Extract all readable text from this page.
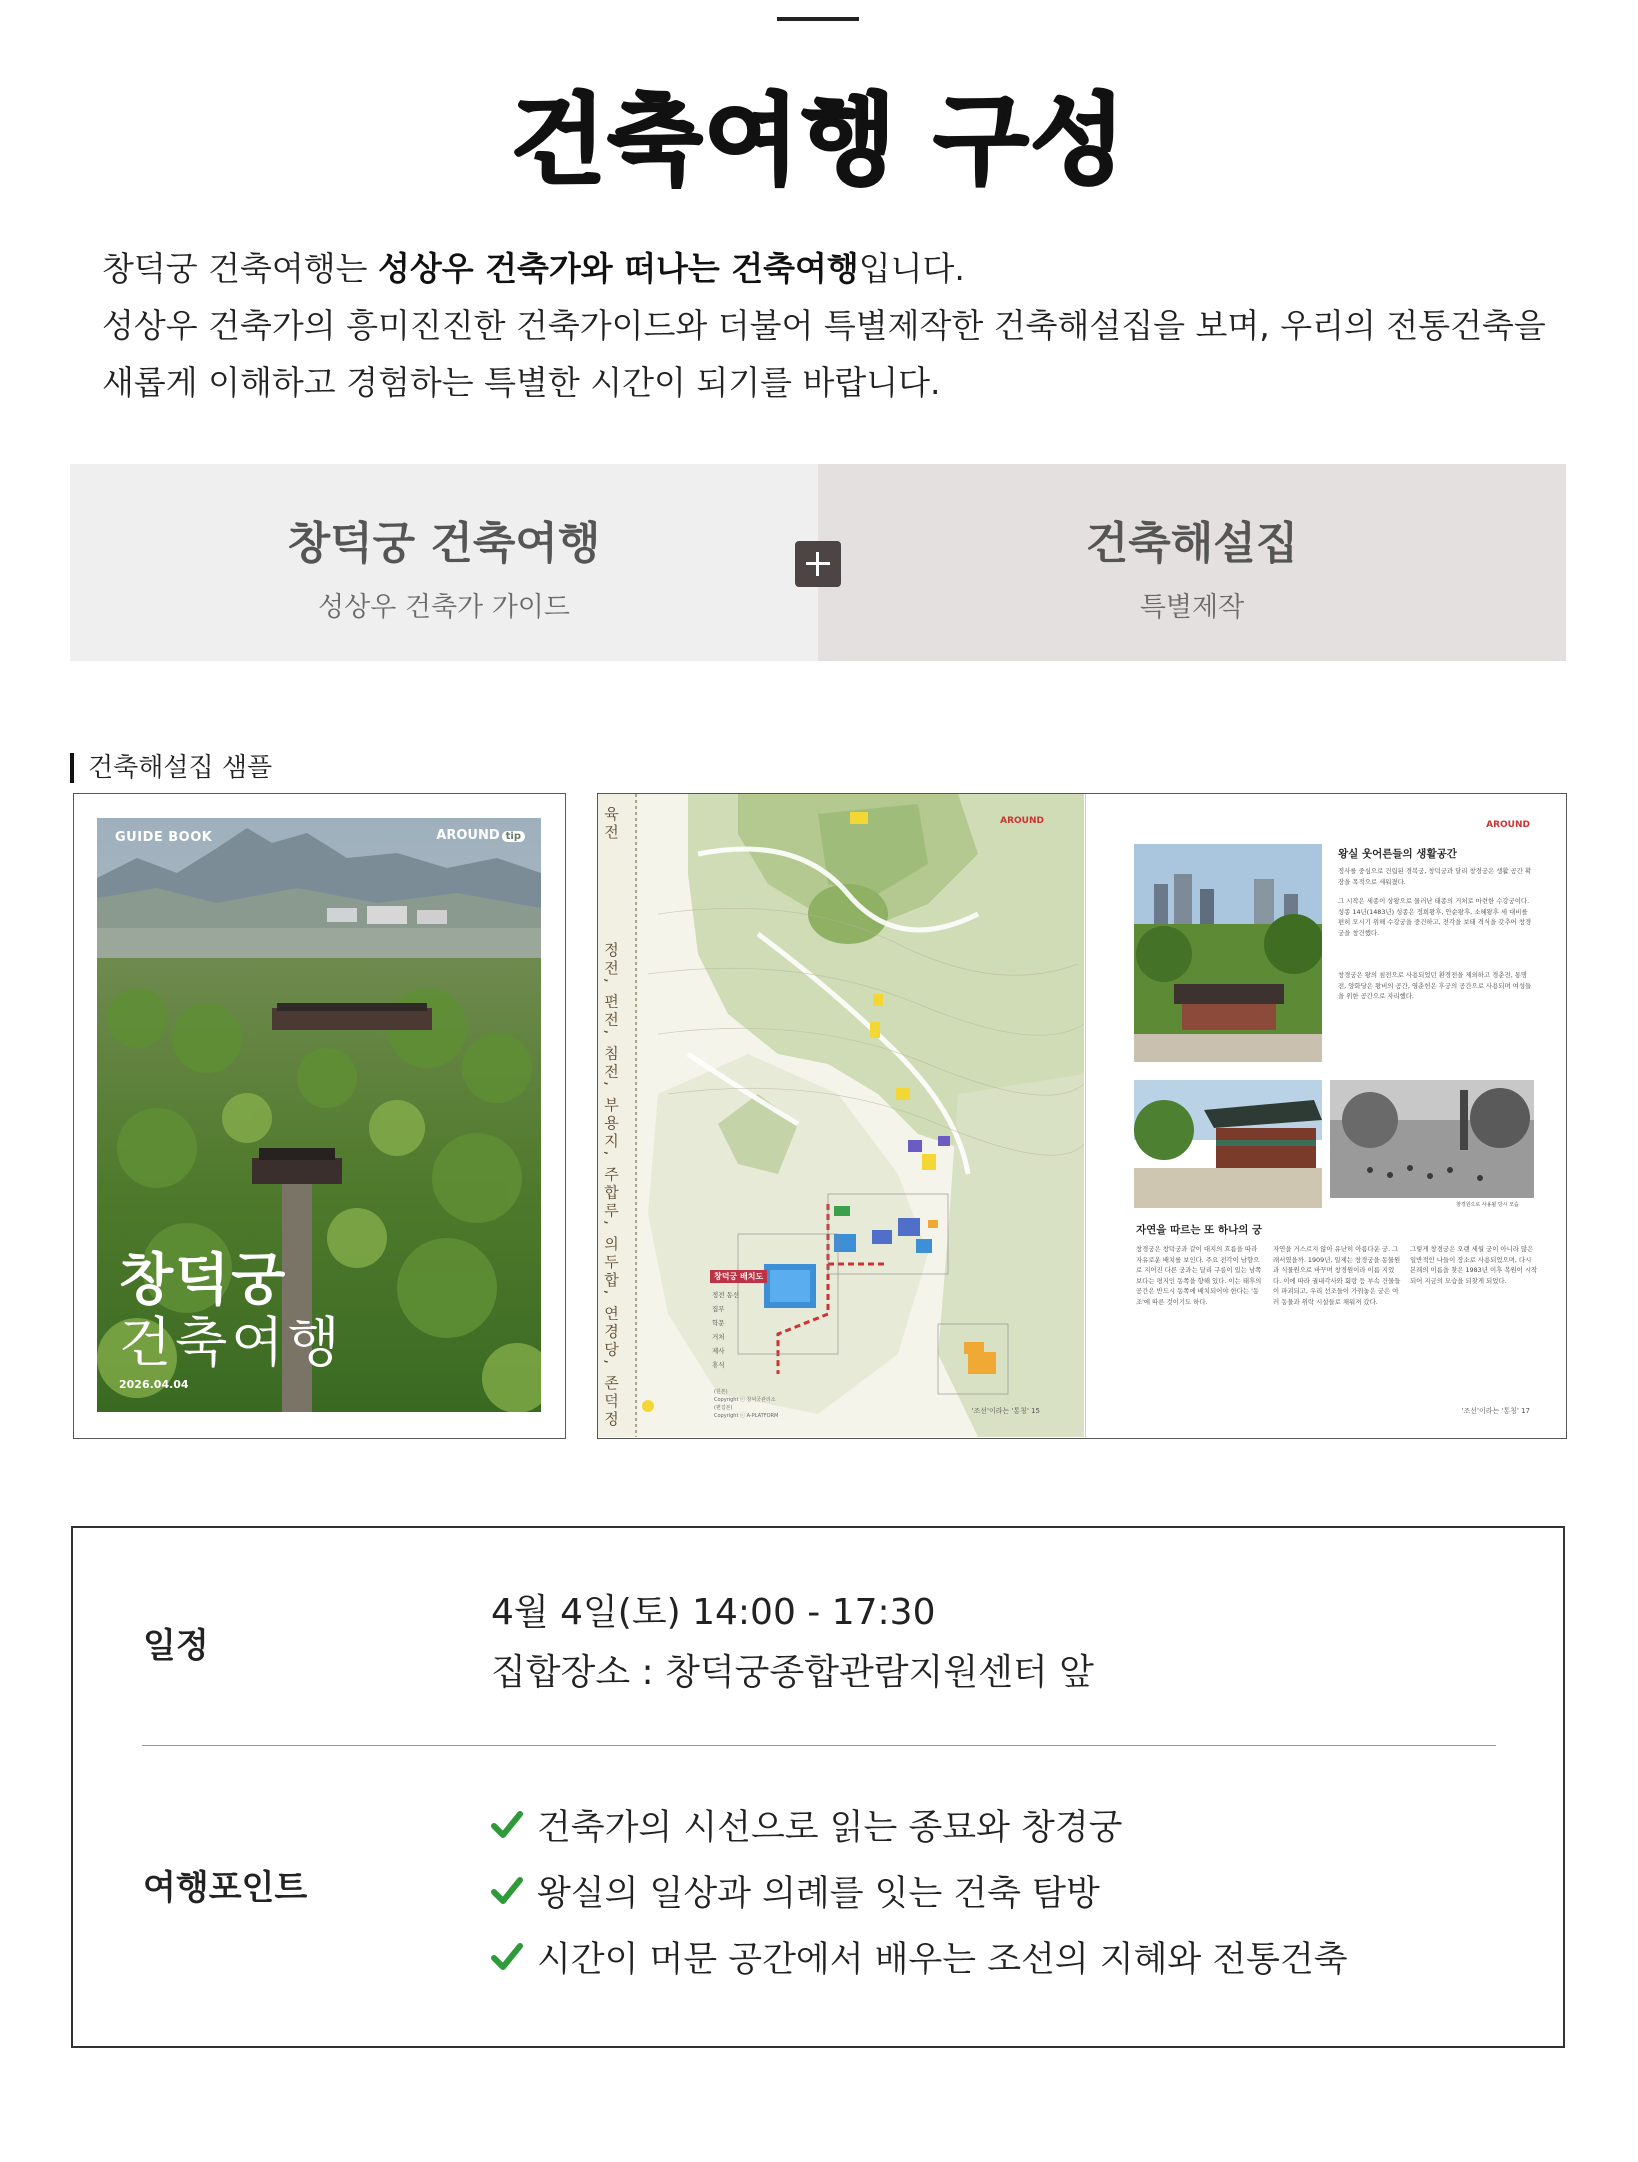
건축여행 구성

창덕궁 건축여행는 성상우 건축가와 떠나는 건축여행입니다.

성상우 건축가의 흥미진진한 건축가이드와 더불어 특별제작한 건축해설집을 보며, 우리의 전통건축을

새롭게 이해하고 경험하는 특별한 시간이 되기를 바랍니다.

창덕궁 건축여행
성상우 건축가 가이드
건축해설집
특별제작
건축해설집 샘플
GUIDE BOOK	AROUND tip
창덕궁
건축여행
2026.04.04
육전
정전, 편전, 침전, 부용지, 주합루, 의두합, 연경당, 존덕정
AROUND
창덕궁 배치도
정전 동선
집무
학문
거처
제사
휴식
(원본)
Copyright ⓒ 창덕궁관리소
(편집본)
Copyright ⓒ A-PLATFORM
'조선'이라는 '통칭' 15
AROUND
왕실 웃어른들의 생활공간
정사를 중심으로 건립된 경복궁, 창덕궁과 달리 창경궁은 생활 공간 확장을 목적으로 세워졌다.
그 시작은 세종이 상왕으로 물러난 태종의 거처로 마련한 수강궁이다. 성종 14년(1483년) 성종은 정희왕후, 안순왕후, 소혜왕후 세 대비를 편히 모시기 위해 수강궁을 중건하고, 전각을 보태 격식을 갖추어 창경궁을 창건했다.
창경궁은 왕의 침전으로 사용되었던 환경전을 제외하고 경춘전, 통명전, 양화당은 왕비의 공간, 영춘헌은 후궁의 공간으로 사용되며 여성들을 위한 공간으로 자리했다.
창경원으로 사용될 당시 모습
자연을 따르는 또 하나의 궁
창경궁은 창덕궁과 같이 대지의 흐름을 따라 자유로운 배치를 보인다. 주요 전각이 남향으로 지어진 다른 궁과는 달리 구릉이 있는 남쪽 보다는 평지인 동쪽을 향해 있다. 이는 태후의 공간은 반드시 동쪽에 배치되어야 한다는 '동조'에 따른 것이기도 하다.
자연을 거스르지 않아 유난히 아름다운 궁. 그래서였을까. 1909년, 일제는 창경궁을 동물원과 식물원으로 바꾸며 창경원이라 이름 지었다. 이에 따라 궐내각사와 회랑 등 부속 건물들이 파괴되고, 우리 선조들이 가꿔놓은 궁은 여러 동물과 위락 시설들로 채워져 갔다.
그렇게 창경궁은 오랜 세월 궁이 아니라 많은 일반적인 나들이 장소로 사용되었으며, 다시 본래의 이름을 찾은 1983년 이후 복원이 시작되어 지금의 모습을 되찾게 되었다.
'조선'이라는 '통칭' 17
일정
4월 4일(토) 14:00 - 17:30
집합장소 : 창덕궁종합관람지원센터 앞
여행포인트
건축가의 시선으로 읽는 종묘와 창경궁
왕실의 일상과 의례를 잇는 건축 탐방
시간이 머문 공간에서 배우는 조선의 지혜와 전통건축
